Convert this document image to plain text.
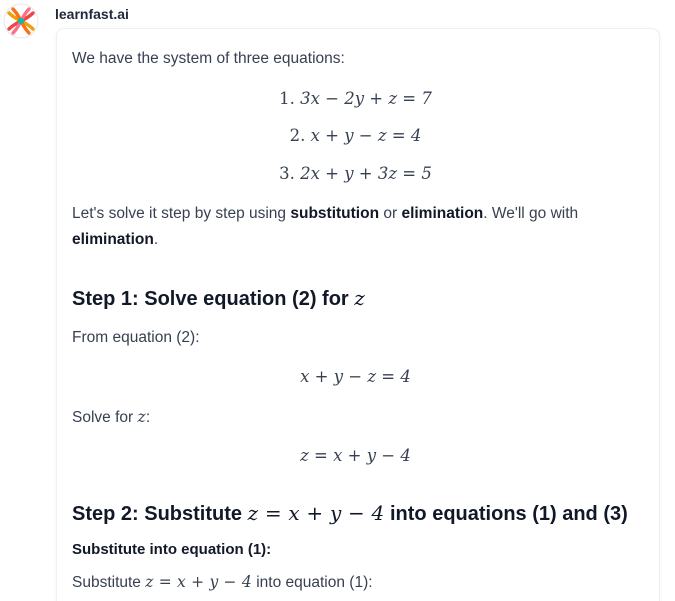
learnfast.ai
We have the system of three equations:
1. 3x − 2y + z = 7
2. x + y − z = 4
3. 2x + y + 3z = 5
Let's solve it step by step using substitution or elimination. We'll go with
elimination.
Step 1: Solve equation (2) for z
From equation (2):
x + y − z = 4
Solve for z:
z = x + y − 4
Step 2: Substitute z = x + y − 4 into equations (1) and (3)
Substitute into equation (1):
Substitute z = x + y − 4 into equation (1):
